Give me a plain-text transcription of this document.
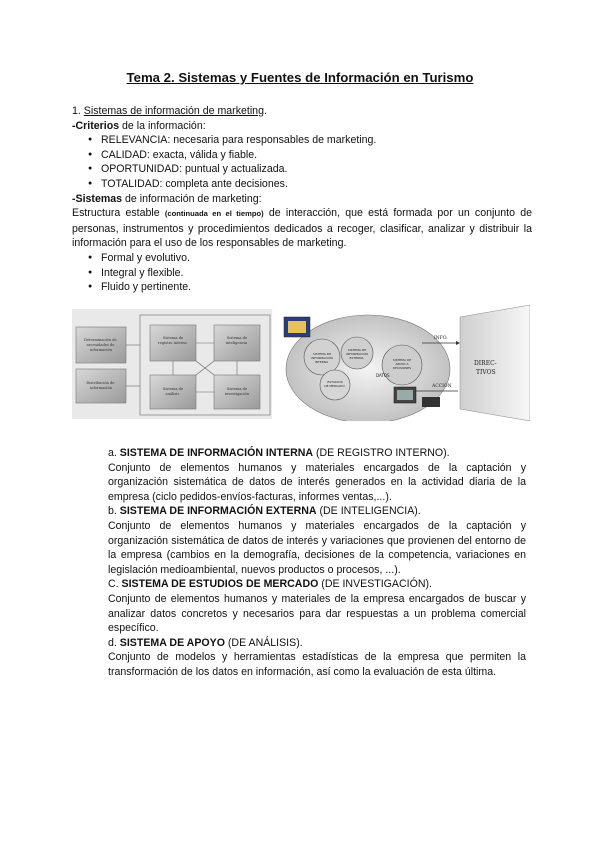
Tema 2. Sistemas y Fuentes de Información en Turismo
1. Sistemas de información de marketing.
-Criterios de la información:
● RELEVANCIA: necesaria para responsables de marketing.
● CALIDAD: exacta, válida y fiable.
● OPORTUNIDAD: puntual y actualizada.
● TOTALIDAD: completa ante decisiones.
-Sistemas de información de marketing:
Estructura estable (continuada en el tiempo) de interacción, que está formada por un conjunto de personas, instrumentos y procedimientos dedicados a recoger, clasificar, analizar y distribuir la información para el uso de los responsables de marketing.
● Formal y evolutivo.
● Integral y flexible.
● Fluido y pertinente.
Determinación de necesidades de información
Distribución de información
Sistema de registro interno Sistema de inteligencia Sistema de análisis Sistema de investigación
SISTEMA DE INFORMACIÓN INTERNA SISTEMA DE INFORMACIÓN EXTERNA ESTUDIOS DE MERCADO SISTEMA DE APOYO A DECISIONES
DATOS
INFO.
DIREC-TIVOS
ACCIÓN
a. SISTEMA DE INFORMACIÓN INTERNA (DE REGISTRO INTERNO).
Conjunto de elementos humanos y materiales encargados de la captación y organización sistemática de datos de interés generados en la actividad diaria de la empresa (ciclo pedidos-envíos-facturas, informes ventas,...).
b. SISTEMA DE INFORMACIÓN EXTERNA (DE INTELIGENCIA).
Conjunto de elementos humanos y materiales encargados de la captación y organización sistemática de datos de interés y variaciones que provienen del entorno de la empresa (cambios en la demografía, decisiones de la competencia, variaciones en legislación medioambiental, nuevos productos o procesos, ...).
C. SISTEMA DE ESTUDIOS DE MERCADO (DE INVESTIGACIÓN).
Conjunto de elementos humanos y materiales de la empresa encargados de buscar y analizar datos concretos y necesarios para dar respuestas a un problema comercial específico.
d. SISTEMA DE APOYO (DE ANÁLISIS).
Conjunto de modelos y herramientas estadísticas de la empresa que permiten la transformación de los datos en información, así como la evaluación de esta última.
